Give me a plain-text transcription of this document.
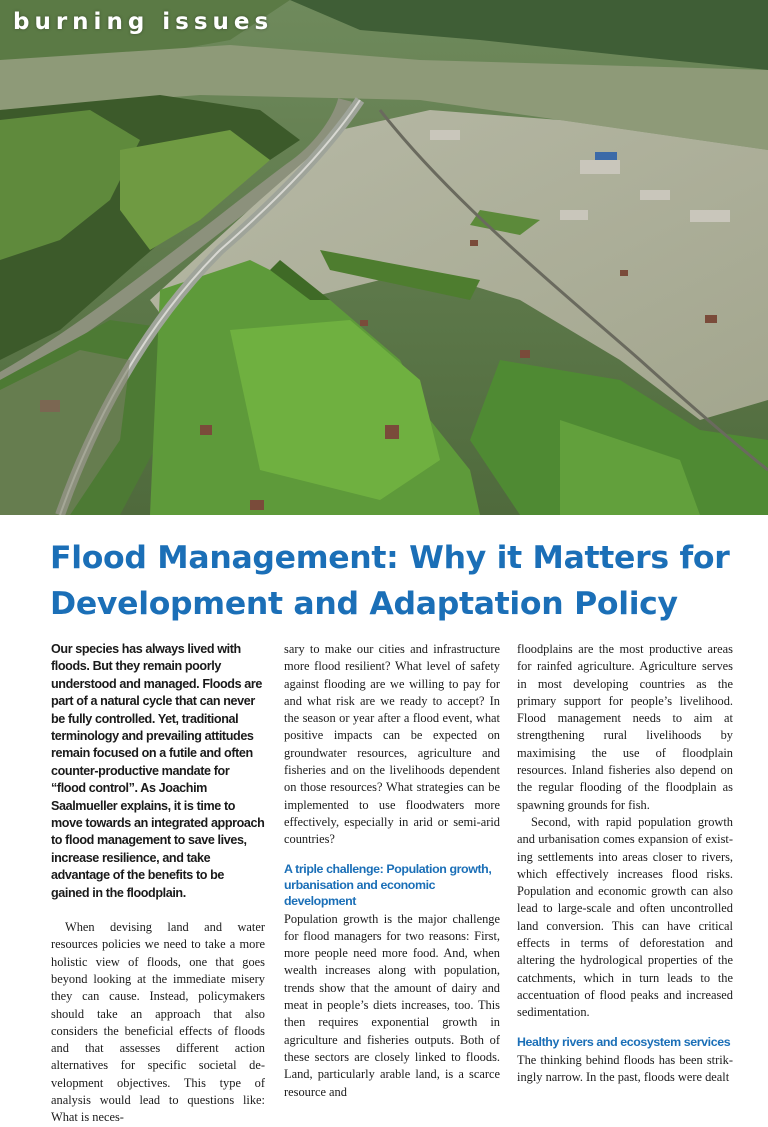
burning issues
Flood Management: Why it Matters for Development and Adaptation Policy

Our species has always lived with floods. But they remain poorly understood and managed. Floods are part of a natural cycle that can never be fully controlled. Yet, traditional terminology and prevailing attitudes remain focused on a futile and often counter-productive mandate for “flood control”. As Joachim Saalmueller explains, it is time to move towards an integrated approach to flood management to save lives, increase resilience, and take advantage of the benefits to be gained in the floodplain.

When devising land and water resources policies we need to take a more holistic view of floods, one that goes beyond looking at the immediate misery they can cause. Instead, policymakers should take an approach that also considers the beneficial effects of floods and that assesses different action alternatives for specific societal development objectives. This type of analysis would lead to questions like: What is neces-

sary to make our cities and infrastructure more flood resilient? What level of safety against flooding are we willing to pay for and what risk are we ready to accept? In the season or year after a flood event, what positive impacts can be expected on groundwater resources, agriculture and fisheries and on the livelihoods dependent on those resources? What strategies can be implemented to use floodwaters more effectively, especially in arid or semi-arid countries?

A triple challenge: Population growth, urbanisation and economic development

Population growth is the major challenge for flood managers for two reasons: First, more people need more food. And, when wealth increases along with population, trends show that the amount of dairy and meat in people’s diets increases, too. This then requires exponential growth in agriculture and fisheries outputs. Both of these sectors are closely linked to floods. Land, particularly arable land, is a scarce resource and

floodplains are the most productive areas for rainfed agriculture. Agriculture serves in most developing countries as the primary support for people’s livelihood. Flood management needs to aim at strengthening rural livelihoods by maximising the use of floodplain resources. Inland fisheries also depend on the regular flooding of the floodplain as spawning grounds for fish.

Second, with rapid population growth and urbanisation comes expansion of existing settlements into areas closer to rivers, which effectively increases flood risks. Population and economic growth can also lead to large-scale and often uncontrolled land conversion. This can have critical effects in terms of deforestation and altering the hydrological properties of the catchments, which in turn leads to the accentuation of flood peaks and increased sedimentation.

Healthy rivers and ecosystem services

The thinking behind floods has been strikingly narrow. In the past, floods were dealt
